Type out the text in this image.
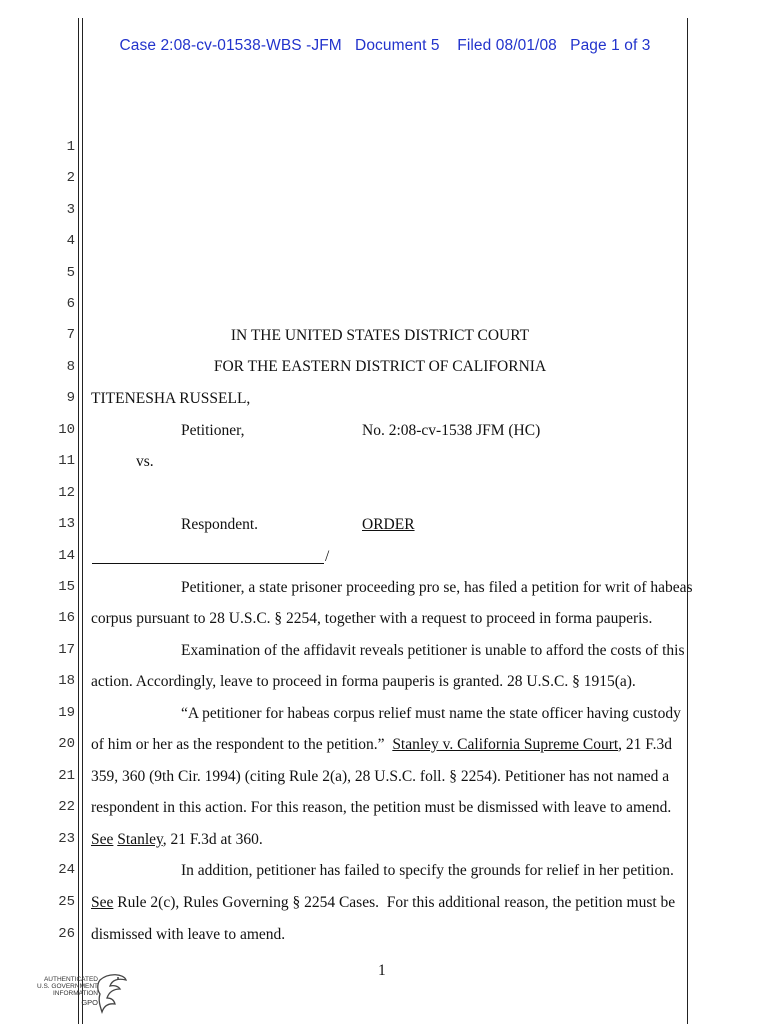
Case 2:08-cv-01538-WBS -JFM Document 5 Filed 08/01/08 Page 1 of 3
1
2
3
4
5
6
7
8
9
10
11
12
13
14
15
16
17
18
19
20
21
22
23
24
25
26
IN THE UNITED STATES DISTRICT COURT
FOR THE EASTERN DISTRICT OF CALIFORNIA
TITENESHA RUSSELL,
Petitioner,	No. 2:08-cv-1538 JFM (HC)
vs.
Respondent.	ORDER
/
Petitioner, a state prisoner proceeding pro se, has filed a petition for writ of habeas
corpus pursuant to 28 U.S.C. § 2254, together with a request to proceed in forma pauperis.
Examination of the affidavit reveals petitioner is unable to afford the costs of this
action. Accordingly, leave to proceed in forma pauperis is granted. 28 U.S.C. § 1915(a).
“A petitioner for habeas corpus relief must name the state officer having custody
of him or her as the respondent to the petition.”  Stanley v. California Supreme Court, 21 F.3d
359, 360 (9th Cir. 1994) (citing Rule 2(a), 28 U.S.C. foll. § 2254). Petitioner has not named a
respondent in this action. For this reason, the petition must be dismissed with leave to amend.
See Stanley, 21 F.3d at 360.
In addition, petitioner has failed to specify the grounds for relief in her petition.
See Rule 2(c), Rules Governing § 2254 Cases.  For this additional reason, the petition must be
dismissed with leave to amend.
1
AUTHENTICATED
U.S. GOVERNMENT
INFORMATION
GPO
